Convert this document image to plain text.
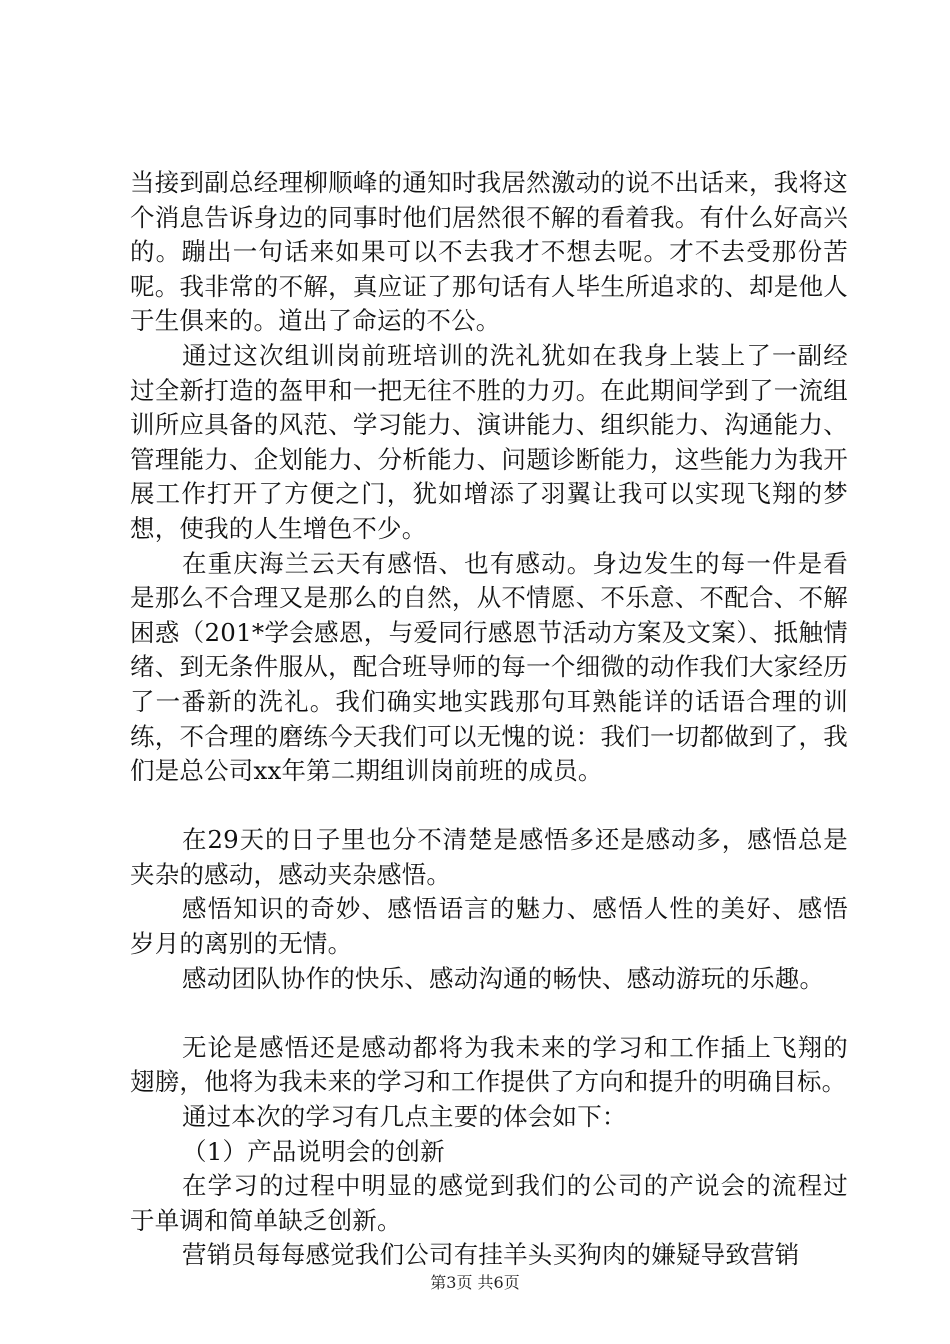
当接到副总经理柳顺峰的通知时我居然激动的说不出话来，我将这个消息告诉身边的同事时他们居然很不解的看着我。有什么好高兴的。蹦出一句话来如果可以不去我才不想去呢。才不去受那份苦呢。我非常的不解，真应证了那句话有人毕生所追求的、却是他人于生俱来的。道出了命运的不公。

通过这次组训岗前班培训的洗礼犹如在我身上装上了一副经过全新打造的盔甲和一把无往不胜的力刃。在此期间学到了一流组训所应具备的风范、学习能力、演讲能力、组织能力、沟通能力、管理能力、企划能力、分析能力、问题诊断能力，这些能力为我开展工作打开了方便之门，犹如增添了羽翼让我可以实现飞翔的梦想，使我的人生增色不少。

在重庆海兰云天有感悟、也有感动。身边发生的每一件是看是那么不合理又是那么的自然，从不情愿、不乐意、不配合、不解困惑（201*学会感恩，与爱同行感恩节活动方案及文案）、抵触情绪、到无条件服从，配合班导师的每一个细微的动作我们大家经历了一番新的洗礼。我们确实地实践那句耳熟能详的话语合理的训练，不合理的磨练今天我们可以无愧的说：我们一切都做到了，我们是总公司xx年第二期组训岗前班的成员。

在29天的日子里也分不清楚是感悟多还是感动多，感悟总是夹杂的感动，感动夹杂感悟。

感悟知识的奇妙、感悟语言的魅力、感悟人性的美好、感悟岁月的离别的无情。

感动团队协作的快乐、感动沟通的畅快、感动游玩的乐趣。

无论是感悟还是感动都将为我未来的学习和工作插上飞翔的翅膀，他将为我未来的学习和工作提供了方向和提升的明确目标。

通过本次的学习有几点主要的体会如下：

（1）产品说明会的创新

在学习的过程中明显的感觉到我们的公司的产说会的流程过于单调和简单缺乏创新。

营销员每每感觉我们公司有挂羊头买狗肉的嫌疑导致营销

第3页 共6页
